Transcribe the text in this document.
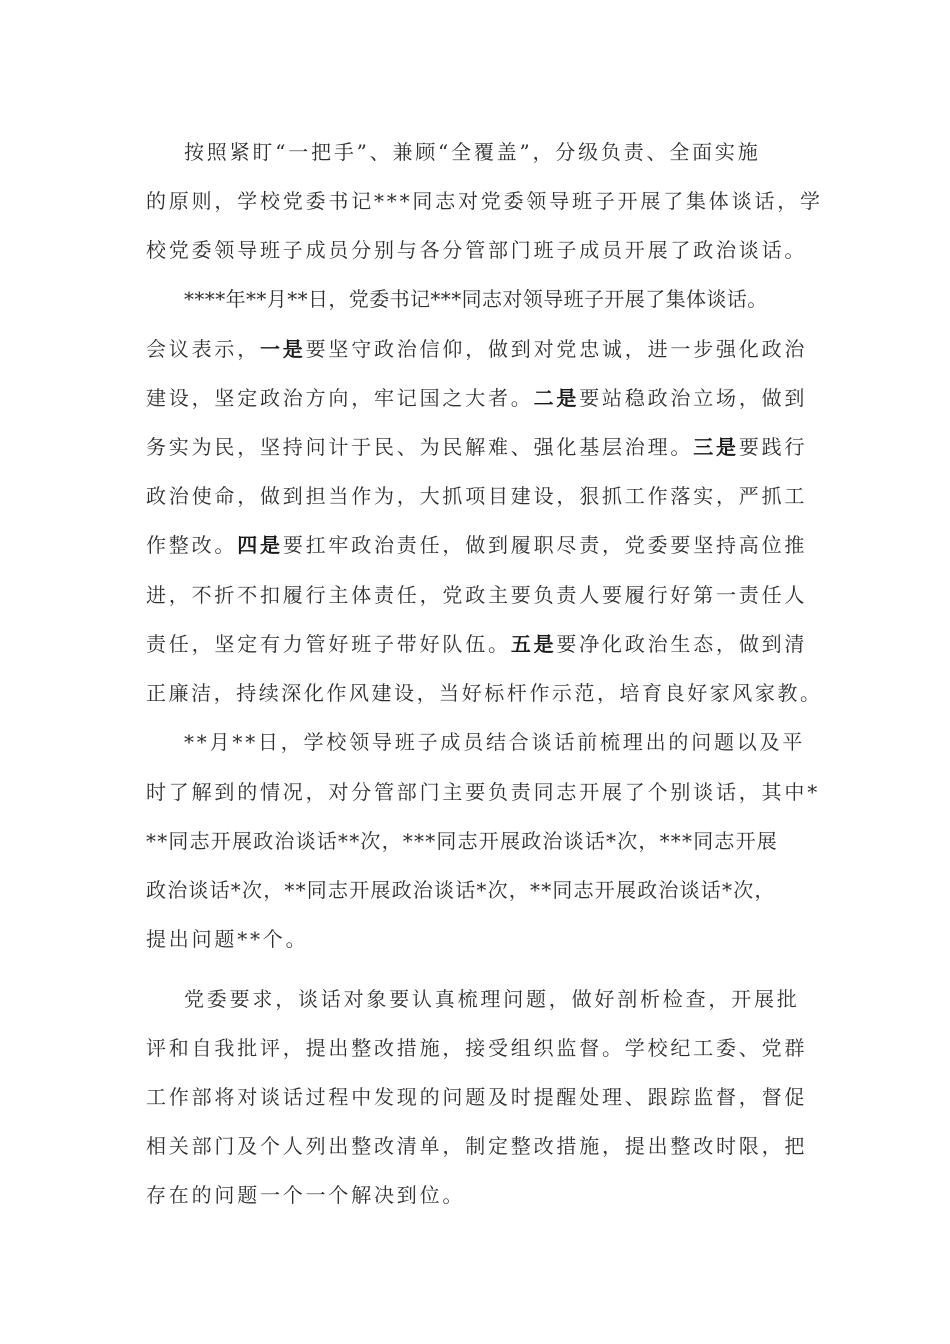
按照紧盯“一把手”、兼顾“全覆盖”，分级负责、全面实施
的原则，学校党委书记***同志对党委领导班子开展了集体谈话，学
校党委领导班子成员分别与各分管部门班子成员开展了政治谈话。
****年**月**日，党委书记***同志对领导班子开展了集体谈话。
会议表示，一是要坚守政治信仰，做到对党忠诚，进一步强化政治
建设，坚定政治方向，牢记国之大者。二是要站稳政治立场，做到
务实为民，坚持问计于民、为民解难、强化基层治理。三是要践行
政治使命，做到担当作为，大抓项目建设，狠抓工作落实，严抓工
作整改。四是要扛牢政治责任，做到履职尽责，党委要坚持高位推
进，不折不扣履行主体责任，党政主要负责人要履行好第一责任人
责任，坚定有力管好班子带好队伍。五是要净化政治生态，做到清
正廉洁，持续深化作风建设，当好标杆作示范，培育良好家风家教。
**月**日，学校领导班子成员结合谈话前梳理出的问题以及平
时了解到的情况，对分管部门主要负责同志开展了个别谈话，其中*
**同志开展政治谈话**次，***同志开展政治谈话*次，***同志开展
政治谈话*次，**同志开展政治谈话*次，**同志开展政治谈话*次，
提出问题**个。
党委要求，谈话对象要认真梳理问题，做好剖析检查，开展批
评和自我批评，提出整改措施，接受组织监督。学校纪工委、党群
工作部将对谈话过程中发现的问题及时提醒处理、跟踪监督，督促
相关部门及个人列出整改清单，制定整改措施，提出整改时限，把
存在的问题一个一个解决到位。
